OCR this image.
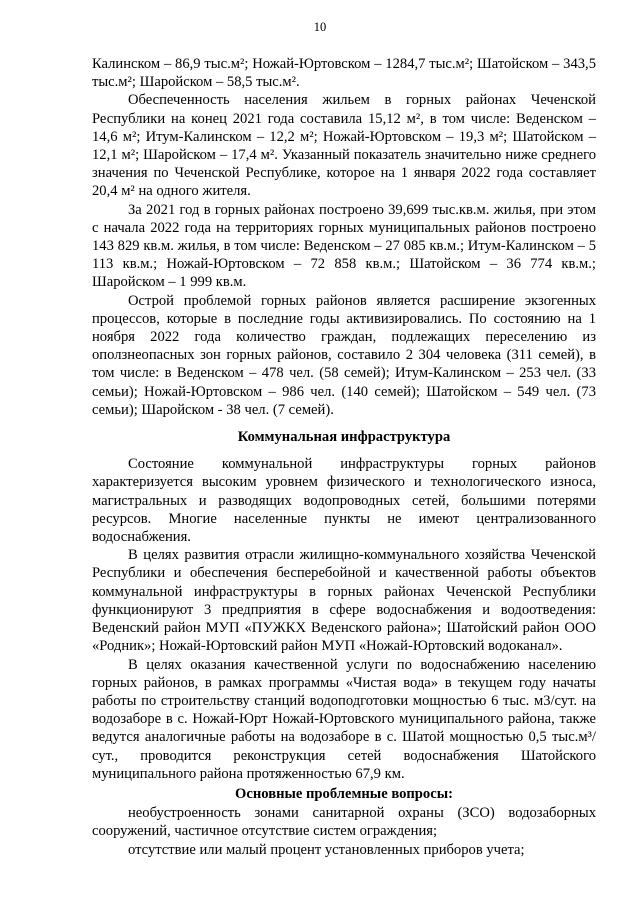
10

Калинском – 86,9 тыс.м²; Ножай-Юртовском – 1284,7 тыс.м²; Шатойском – 343,5 тыс.м²; Шаройском – 58,5 тыс.м².

Обеспеченность населения жильем в горных районах Чеченской Республики на конец 2021 года составила 15,12 м², в том числе: Веденском – 14,6 м²; Итум-Калинском – 12,2 м²; Ножай-Юртовском – 19,3 м²; Шатойском – 12,1 м²; Шаройском – 17,4 м². Указанный показатель значительно ниже среднего значения по Чеченской Республике, которое на 1 января 2022 года составляет 20,4 м² на одного жителя.

За 2021 год в горных районах построено 39,699 тыс.кв.м. жилья, при этом с начала 2022 года на территориях горных муниципальных районов построено 143 829 кв.м. жилья, в том числе: Веденском – 27 085 кв.м.; Итум-Калинском – 5 113 кв.м.; Ножай-Юртовском – 72 858 кв.м.; Шатойском – 36 774 кв.м.; Шаройском – 1 999 кв.м.

Острой проблемой горных районов является расширение экзогенных процессов, которые в последние годы активизировались. По состоянию на 1 ноября 2022 года количество граждан, подлежащих переселению из оползнеопасных зон горных районов, составило 2 304 человека (311 семей), в том числе: в Веденском – 478 чел. (58 семей); Итум-Калинском – 253 чел. (33 семьи); Ножай-Юртовском – 986 чел. (140 семей); Шатойском – 549 чел. (73 семьи); Шаройском - 38 чел. (7 семей).

Коммунальная инфраструктура

Состояние коммунальной инфраструктуры горных районов характеризуется высоким уровнем физического и технологического износа, магистральных и разводящих водопроводных сетей, большими потерями ресурсов. Многие населенные пункты не имеют централизованного водоснабжения.

В целях развития отрасли жилищно-коммунального хозяйства Чеченской Республики и обеспечения бесперебойной и качественной работы объектов коммунальной инфраструктуры в горных районах Чеченской Республики функционируют 3 предприятия в сфере водоснабжения и водоотведения: Веденский район МУП «ПУЖКХ Веденского района»; Шатойский район ООО «Родник»; Ножай-Юртовский район МУП «Ножай-Юртовский водоканал».

В целях оказания качественной услуги по водоснабжению населению горных районов, в рамках программы «Чистая вода» в текущем году начаты работы по строительству станций водоподготовки мощностью 6 тыс. м3/сут. на водозаборе в с. Ножай-Юрт Ножай-Юртовского муниципального района, также ведутся аналогичные работы на водозаборе в с. Шатой мощностью 0,5 тыс.м³/сут., проводится реконструкция сетей водоснабжения Шатойского муниципального района протяженностью 67,9 км.

Основные проблемные вопросы:

необустроенность зонами санитарной охраны (ЗСО) водозаборных сооружений, частичное отсутствие систем ограждения;

отсутствие или малый процент установленных приборов учета;
